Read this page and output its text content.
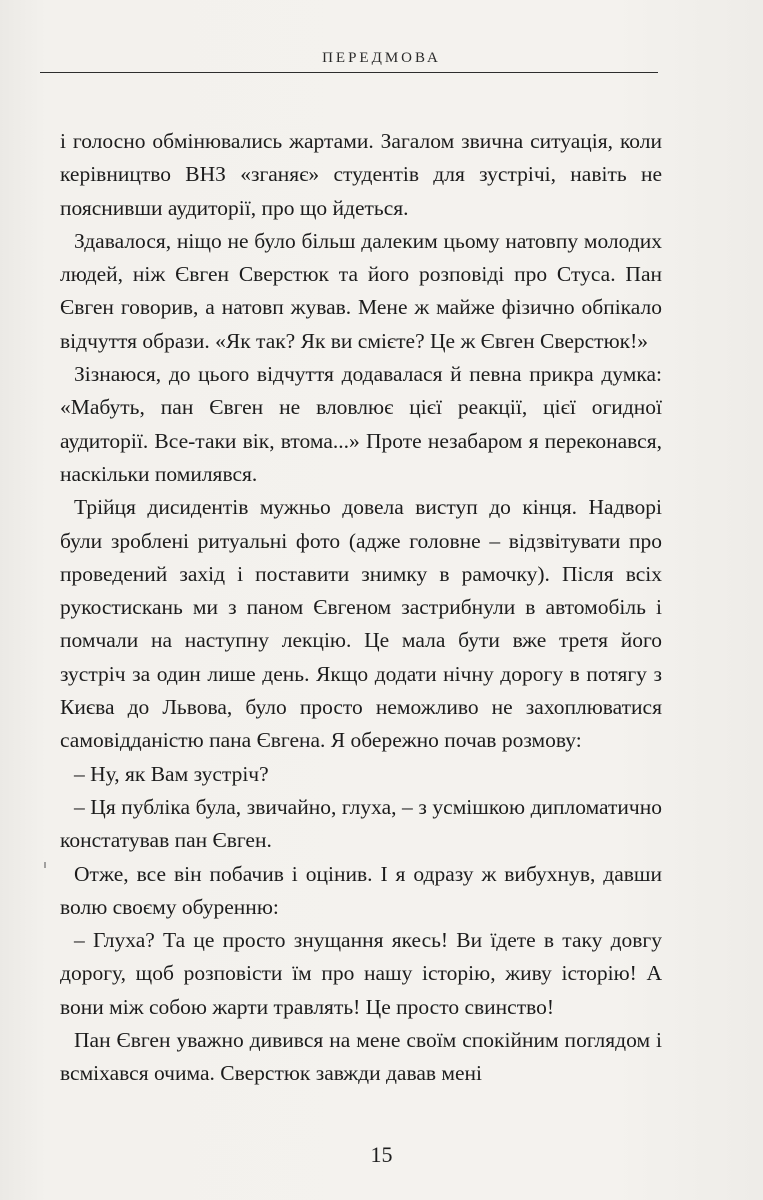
ПЕРЕДМОВА

і голосно обмінювались жартами. Загалом звична ситуація, коли керівництво ВНЗ «зганяє» студентів для зустрічі, навіть не пояснивши аудиторії, про що йдеться.

Здавалося, ніщо не було більш далеким цьому натовпу молодих людей, ніж Євген Сверстюк та його розповіді про Стуса. Пан Євген говорив, а натовп жував. Мене ж майже фізично обпікало відчуття образи. «Як так? Як ви смієте? Це ж Євген Сверстюк!»

Зізнаюся, до цього відчуття додавалася й певна прикра думка: «Мабуть, пан Євген не вловлює цієї реакції, цієї огидної аудиторії. Все-таки вік, втома...» Проте незабаром я переконався, наскільки помилявся.

Трійця дисидентів мужньо довела виступ до кінця. Надворі були зроблені ритуальні фото (адже головне – відзвітувати про проведений захід і поставити знимку в рамочку). Після всіх рукостискань ми з паном Євгеном застрибнули в автомобіль і помчали на наступну лекцію. Це мала бути вже третя його зустріч за один лише день. Якщо додати нічну дорогу в потягу з Києва до Львова, було просто неможливо не захоплюватися самовідданістю пана Євгена. Я обережно почав розмову:

– Ну, як Вам зустріч?

– Ця публіка була, звичайно, глуха, – з усмішкою дипломатично констатував пан Євген.

Отже, все він побачив і оцінив. І я одразу ж вибухнув, давши волю своєму обуренню:

– Глуха? Та це просто знущання якесь! Ви їдете в таку довгу дорогу, щоб розповісти їм про нашу історію, живу історію! А вони між собою жарти травлять! Це просто свинство!

Пан Євген уважно дивився на мене своїм спокійним поглядом і всміхався очима. Сверстюк завжди давав мені

15
